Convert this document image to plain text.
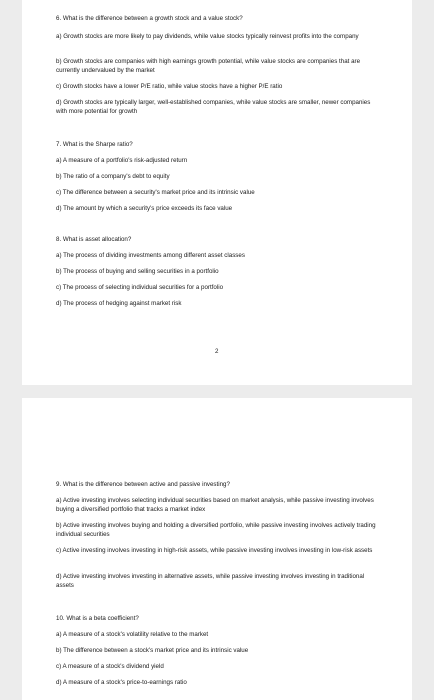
6. What is the difference between a growth stock and a value stock?

a) Growth stocks are more likely to pay dividends, while value stocks typically reinvest profits into the company

b) Growth stocks are companies with high earnings growth potential, while value stocks are companies that are currently undervalued by the market

c) Growth stocks have a lower P/E ratio, while value stocks have a higher P/E ratio

d) Growth stocks are typically larger, well-established companies, while value stocks are smaller, newer companies with more potential for growth

7. What is the Sharpe ratio?

a) A measure of a portfolio's risk-adjusted return

b) The ratio of a company's debt to equity

c) The difference between a security's market price and its intrinsic value

d) The amount by which a security's price exceeds its face value

8. What is asset allocation?

a) The process of dividing investments among different asset classes

b) The process of buying and selling securities in a portfolio

c) The process of selecting individual securities for a portfolio

d) The process of hedging against market risk

2

9. What is the difference between active and passive investing?

a) Active investing involves selecting individual securities based on market analysis, while passive investing involves buying a diversified portfolio that tracks a market index

b) Active investing involves buying and holding a diversified portfolio, while passive investing involves actively trading individual securities

c) Active investing involves investing in high-risk assets, while passive investing involves investing in low-risk assets

d) Active investing involves investing in alternative assets, while passive investing involves investing in traditional assets

10. What is a beta coefficient?

a) A measure of a stock's volatility relative to the market

b) The difference between a stock's market price and its intrinsic value

c) A measure of a stock's dividend yield

d) A measure of a stock's price-to-earnings ratio
